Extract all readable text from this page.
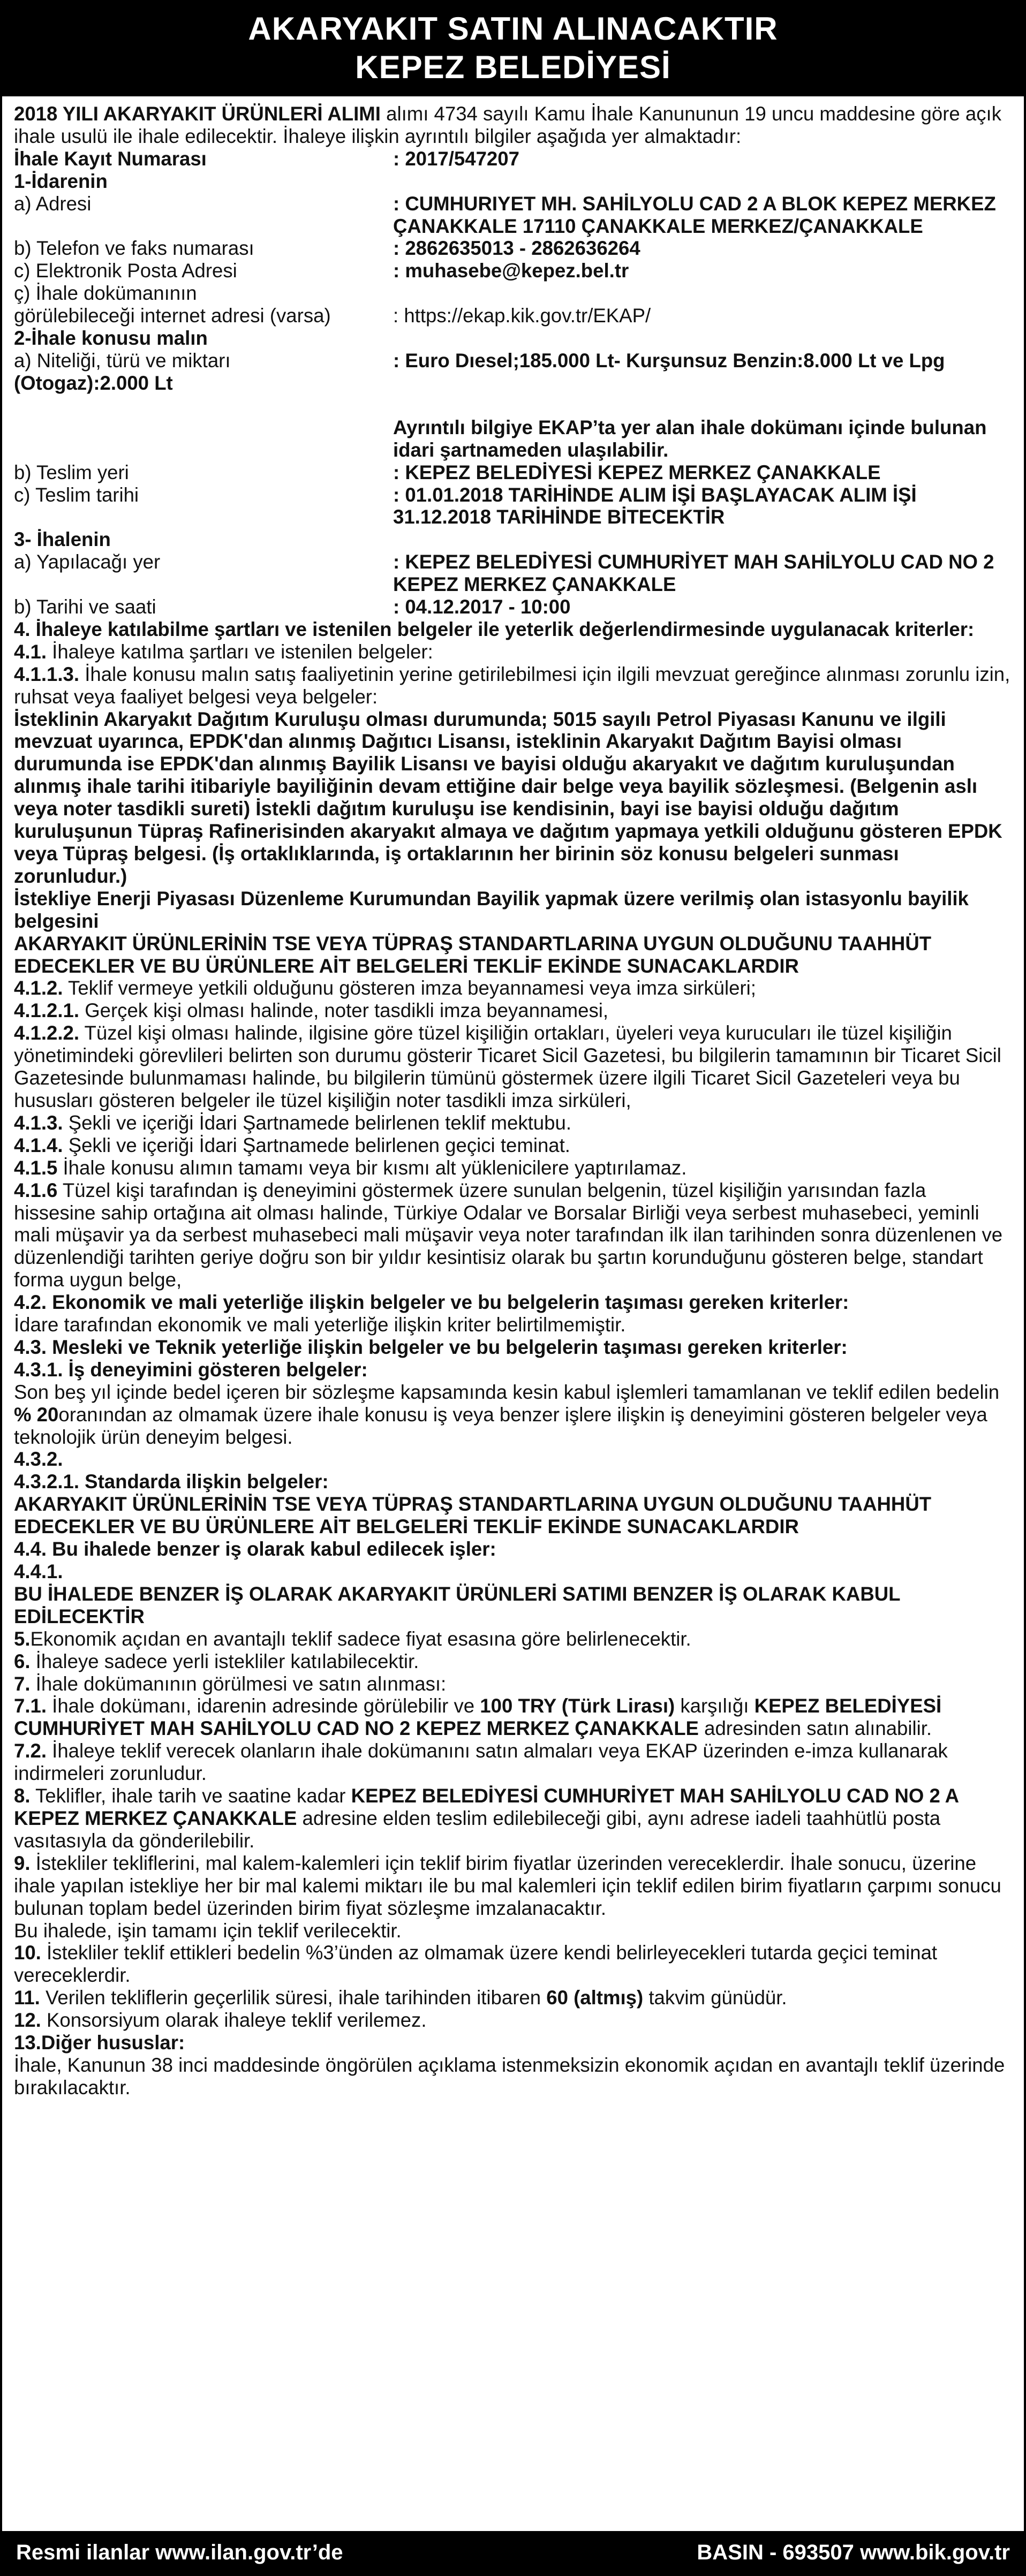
AKARYAKIT SATIN ALINACAKTIR
KEPEZ BELEDİYESİ

2018 YILI AKARYAKIT ÜRÜNLERİ ALIMI alımı 4734 sayılı Kamu İhale Kanununun 19 uncu maddesine göre açık ihale usulü ile ihale edilecektir. İhaleye ilişkin ayrıntılı bilgiler aşağıda yer almaktadır:

İhale Kayıt Numarası	: 2017/547207

1-İdarenin

a) Adresi	: CUMHURIYET MH. SAHİLYOLU CAD 2 A BLOK KEPEZ MERKEZ ÇANAKKALE 17110 ÇANAKKALE MERKEZ/ÇANAKKALE
b) Telefon ve faks numarası	: 2862635013 - 2862636264
c) Elektronik Posta Adresi	: muhasebe@kepez.bel.tr

ç) İhale dokümanının

görülebileceği internet adresi (varsa)	: https://ekap.kik.gov.tr/EKAP/

2-İhale konusu malın

a) Niteliği, türü ve miktarı	: Euro Dıesel;185.000 Lt- Kurşunsuz Benzin:8.000 Lt ve Lpg

(Otogaz):2.000 Lt

Ayrıntılı bilgiye EKAP’ta yer alan ihale dokümanı içinde bulunan idari şartnameden ulaşılabilir.

b) Teslim yeri	: KEPEZ BELEDİYESİ KEPEZ MERKEZ ÇANAKKALE
c) Teslim tarihi	: 01.01.2018 TARİHİNDE ALIM İŞİ BAŞLAYACAK ALIM İŞİ 31.12.2018 TARİHİNDE BİTECEKTİR

3- İhalenin

a) Yapılacağı yer	: KEPEZ BELEDİYESİ CUMHURİYET MAH SAHİLYOLU CAD NO 2 KEPEZ MERKEZ ÇANAKKALE
b) Tarihi ve saati	: 04.12.2017 - 10:00

4. İhaleye katılabilme şartları ve istenilen belgeler ile yeterlik değerlendirmesinde uygulanacak kriterler:

4.1. İhaleye katılma şartları ve istenilen belgeler:

4.1.1.3. İhale konusu malın satış faaliyetinin yerine getirilebilmesi için ilgili mevzuat gereğince alınması zorunlu izin, ruhsat veya faaliyet belgesi veya belgeler:

İsteklinin Akaryakıt Dağıtım Kuruluşu olması durumunda; 5015 sayılı Petrol Piyasası Kanunu ve ilgili mevzuat uyarınca, EPDK'dan alınmış Dağıtıcı Lisansı, isteklinin Akaryakıt Dağıtım Bayisi olması durumunda ise EPDK'dan alınmış Bayilik Lisansı ve bayisi olduğu akaryakıt ve dağıtım kuruluşundan alınmış ihale tarihi itibariyle bayiliğinin devam ettiğine dair belge veya bayilik sözleşmesi. (Belgenin aslı veya noter tasdikli sureti) İstekli dağıtım kuruluşu ise kendisinin, bayi ise bayisi olduğu dağıtım kuruluşunun Tüpraş Rafinerisinden akaryakıt almaya ve dağıtım yapmaya yetkili olduğunu gösteren EPDK veya Tüpraş belgesi. (İş ortaklıklarında, iş ortaklarının her birinin söz konusu belgeleri sunması zorunludur.)

İstekliye Enerji Piyasası Düzenleme Kurumundan Bayilik yapmak üzere verilmiş olan istasyonlu bayilik belgesini

AKARYAKIT ÜRÜNLERİNİN TSE VEYA TÜPRAŞ STANDARTLARINA UYGUN OLDUĞUNU TAAHHÜT EDECEKLER VE BU ÜRÜNLERE AİT BELGELERİ TEKLİF EKİNDE SUNACAKLARDIR

4.1.2. Teklif vermeye yetkili olduğunu gösteren imza beyannamesi veya imza sirküleri;

4.1.2.1. Gerçek kişi olması halinde, noter tasdikli imza beyannamesi,

4.1.2.2. Tüzel kişi olması halinde, ilgisine göre tüzel kişiliğin ortakları, üyeleri veya kurucuları ile tüzel kişiliğin yönetimindeki görevlileri belirten son durumu gösterir Ticaret Sicil Gazetesi, bu bilgilerin tamamının bir Ticaret Sicil Gazetesinde bulunmaması halinde, bu bilgilerin tümünü göstermek üzere ilgili Ticaret Sicil Gazeteleri veya bu hususları gösteren belgeler ile tüzel kişiliğin noter tasdikli imza sirküleri,

4.1.3. Şekli ve içeriği İdari Şartnamede belirlenen teklif mektubu.

4.1.4. Şekli ve içeriği İdari Şartnamede belirlenen geçici teminat.

4.1.5 İhale konusu alımın tamamı veya bir kısmı alt yüklenicilere yaptırılamaz.

4.1.6 Tüzel kişi tarafından iş deneyimini göstermek üzere sunulan belgenin, tüzel kişiliğin yarısından fazla hissesine sahip ortağına ait olması halinde, Türkiye Odalar ve Borsalar Birliği veya serbest muhasebeci, yeminli mali müşavir ya da serbest muhasebeci mali müşavir veya noter tarafından ilk ilan tarihinden sonra düzenlenen ve düzenlendiği tarihten geriye doğru son bir yıldır kesintisiz olarak bu şartın korunduğunu gösteren belge, standart forma uygun belge,

4.2. Ekonomik ve mali yeterliğe ilişkin belgeler ve bu belgelerin taşıması gereken kriterler:

İdare tarafından ekonomik ve mali yeterliğe ilişkin kriter belirtilmemiştir.

4.3. Mesleki ve Teknik yeterliğe ilişkin belgeler ve bu belgelerin taşıması gereken kriterler:

4.3.1. İş deneyimini gösteren belgeler:

Son beş yıl içinde bedel içeren bir sözleşme kapsamında kesin kabul işlemleri tamamlanan ve teklif edilen bedelin % 20oranından az olmamak üzere ihale konusu iş veya benzer işlere ilişkin iş deneyimini gösteren belgeler veya teknolojik ürün deneyim belgesi.

4.3.2.

4.3.2.1. Standarda ilişkin belgeler:

AKARYAKIT ÜRÜNLERİNİN TSE VEYA TÜPRAŞ STANDARTLARINA UYGUN OLDUĞUNU TAAHHÜT EDECEKLER VE BU ÜRÜNLERE AİT BELGELERİ TEKLİF EKİNDE SUNACAKLARDIR

4.4. Bu ihalede benzer iş olarak kabul edilecek işler:

4.4.1.

BU İHALEDE BENZER İŞ OLARAK AKARYAKIT ÜRÜNLERİ SATIMI BENZER İŞ OLARAK KABUL EDİLECEKTİR

5.Ekonomik açıdan en avantajlı teklif sadece fiyat esasına göre belirlenecektir.

6. İhaleye sadece yerli istekliler katılabilecektir.

7. İhale dokümanının görülmesi ve satın alınması:

7.1. İhale dokümanı, idarenin adresinde görülebilir ve 100 TRY (Türk Lirası) karşılığı KEPEZ BELEDİYESİ CUMHURİYET MAH SAHİLYOLU CAD NO 2 KEPEZ MERKEZ ÇANAKKALE adresinden satın alınabilir.

7.2. İhaleye teklif verecek olanların ihale dokümanını satın almaları veya EKAP üzerinden e-imza kullanarak indirmeleri zorunludur.

8. Teklifler, ihale tarih ve saatine kadar KEPEZ BELEDİYESİ CUMHURİYET MAH SAHİLYOLU CAD NO 2 A KEPEZ MERKEZ ÇANAKKALE adresine elden teslim edilebileceği gibi, aynı adrese iadeli taahhütlü posta vasıtasıyla da gönderilebilir.

9. İstekliler tekliflerini, mal kalem-kalemleri için teklif birim fiyatlar üzerinden vereceklerdir. İhale sonucu, üzerine ihale yapılan istekliye her bir mal kalemi miktarı ile bu mal kalemleri için teklif edilen birim fiyatların çarpımı sonucu bulunan toplam bedel üzerinden birim fiyat sözleşme imzalanacaktır.

Bu ihalede, işin tamamı için teklif verilecektir.

10. İstekliler teklif ettikleri bedelin %3’ünden az olmamak üzere kendi belirleyecekleri tutarda geçici teminat vereceklerdir.

11. Verilen tekliflerin geçerlilik süresi, ihale tarihinden itibaren 60 (altmış) takvim günüdür.

12. Konsorsiyum olarak ihaleye teklif verilemez.

13.Diğer hususlar:

İhale, Kanunun 38 inci maddesinde öngörülen açıklama istenmeksizin ekonomik açıdan en avantajlı teklif üzerinde bırakılacaktır.

Resmi ilanlar www.ilan.gov.tr’de	BASIN - 693507 www.bik.gov.tr
